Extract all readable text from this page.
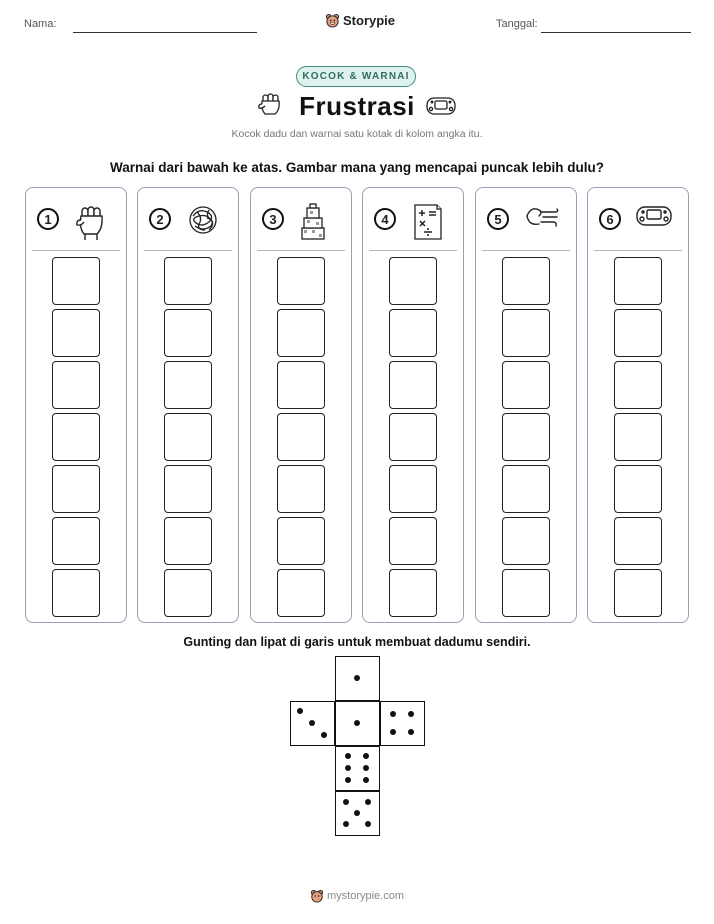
Nama:	Storypie	Tanggal:
KOCOK & WARNAI
Frustrasi
Kocok dadu dan warnai satu kotak di kolom angka itu.
Warnai dari bawah ke atas. Gambar mana yang mencapai puncak lebih dulu?
1	2	3	4	5	6
Gunting dan lipat di garis untuk membuat dadumu sendiri.
mystorypie.com
